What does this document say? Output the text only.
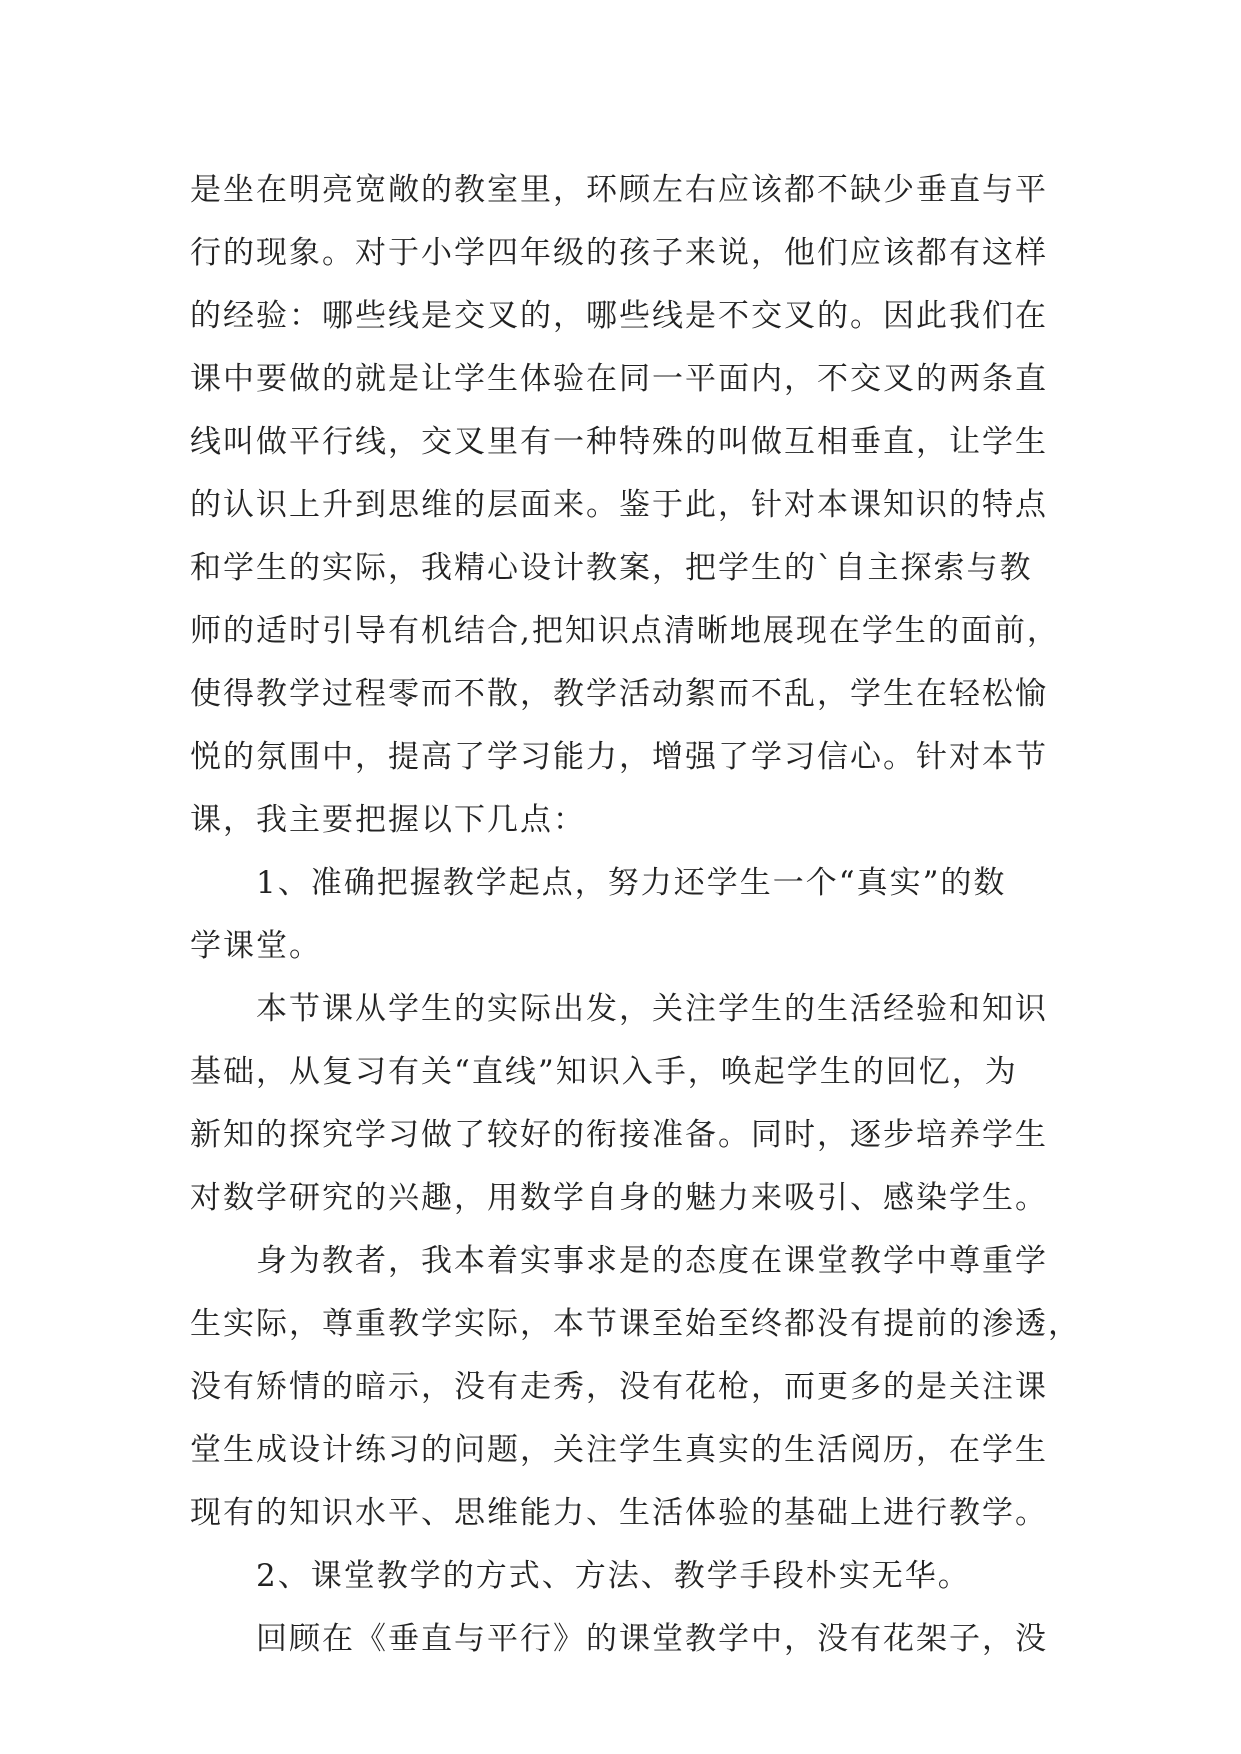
是坐在明亮宽敞的教室里，环顾左右应该都不缺少垂直与平
行的现象。对于小学四年级的孩子来说，他们应该都有这样
的经验：哪些线是交叉的，哪些线是不交叉的。因此我们在
课中要做的就是让学生体验在同一平面内，不交叉的两条直
线叫做平行线，交叉里有一种特殊的叫做互相垂直，让学生
的认识上升到思维的层面来。鉴于此，针对本课知识的特点
和学生的实际，我精心设计教案，把学生的`自主探索与教
师的适时引导有机结合,把知识点清晰地展现在学生的面前，
使得教学过程零而不散，教学活动絮而不乱，学生在轻松愉
悦的氛围中，提高了学习能力，增强了学习信心。针对本节
课，我主要把握以下几点：
1、准确把握教学起点，努力还学生一个“真实”的数
学课堂。
本节课从学生的实际出发，关注学生的生活经验和知识
基础，从复习有关“直线”知识入手，唤起学生的回忆，为
新知的探究学习做了较好的衔接准备。同时，逐步培养学生
对数学研究的兴趣，用数学自身的魅力来吸引、感染学生。
身为教者，我本着实事求是的态度在课堂教学中尊重学
生实际，尊重教学实际，本节课至始至终都没有提前的渗透，
没有矫情的暗示，没有走秀，没有花枪，而更多的是关注课
堂生成设计练习的问题，关注学生真实的生活阅历，在学生
现有的知识水平、思维能力、生活体验的基础上进行教学。
2、课堂教学的方式、方法、教学手段朴实无华。
回顾在《垂直与平行》的课堂教学中，没有花架子，没
